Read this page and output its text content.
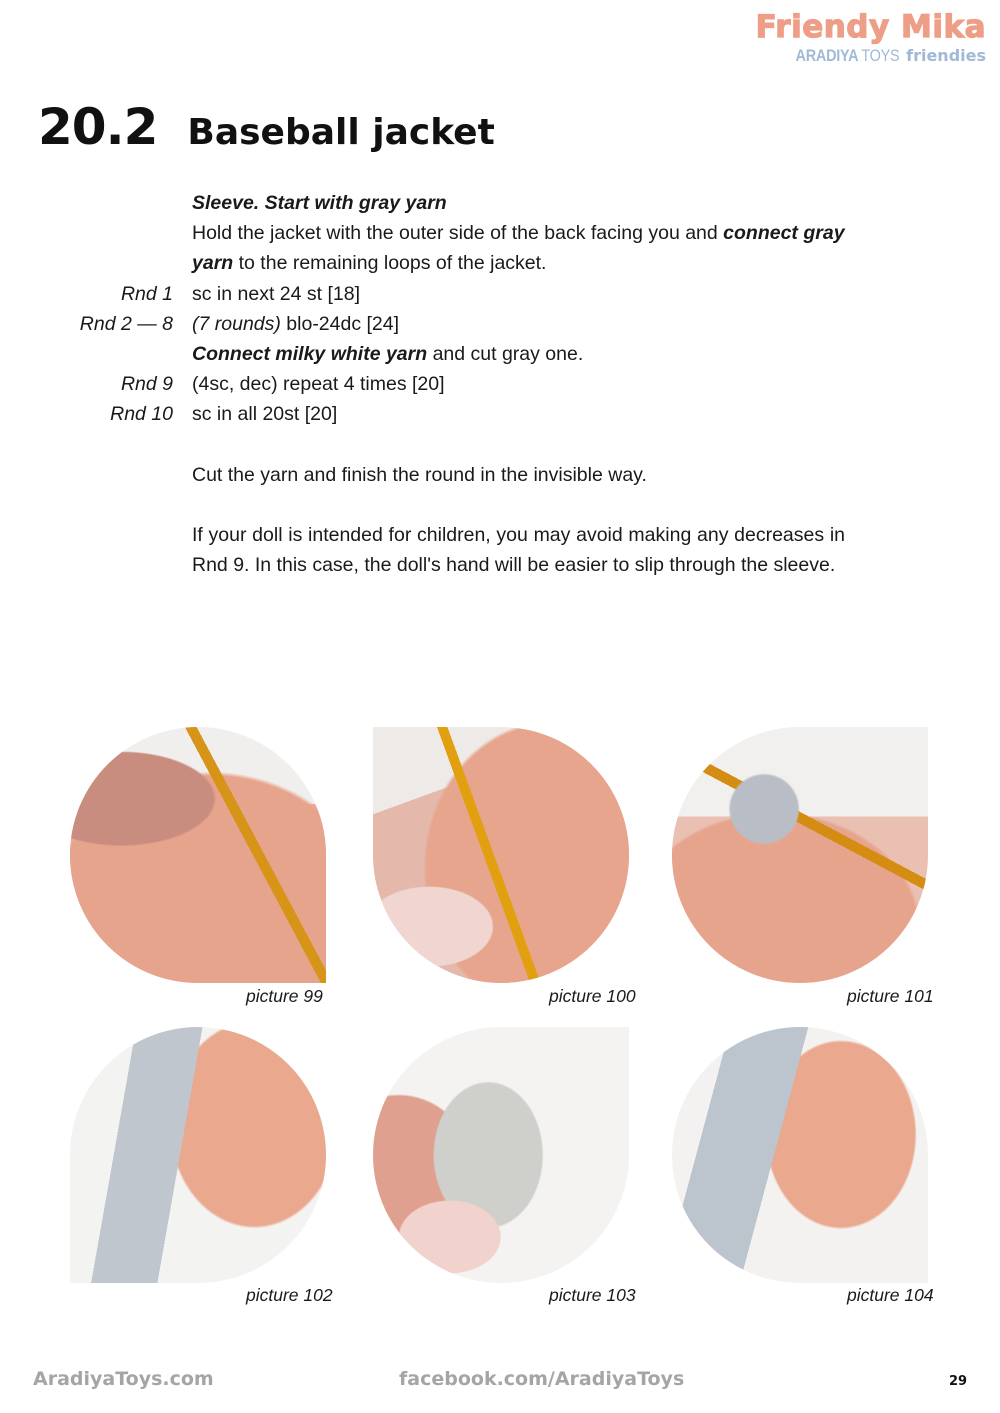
Friendy Mika
ARADIYA TOYS friendies
20.2 Baseball jacket
Sleeve. Start with gray yarn
Hold the jacket with the outer side of the back facing you and connect gray yarn to the remaining loops of the jacket.
Rnd 1 sc in next 24 st [18]
Rnd 2 — 8 (7 rounds) blo-24dc [24]
Connect milky white yarn and cut gray one.
Rnd 9 (4sc, dec) repeat 4 times [20]
Rnd 10 sc in all 20st [20]
Cut the yarn and finish the round in the invisible way.
If your doll is intended for children, you may avoid making any decreases in Rnd 9. In this case, the doll's hand will be easier to slip through the sleeve.
picture 99	picture 100	picture 101
picture 102	picture 103	picture 104
AradiyaToys.com	facebook.com/AradiyaToys	29
